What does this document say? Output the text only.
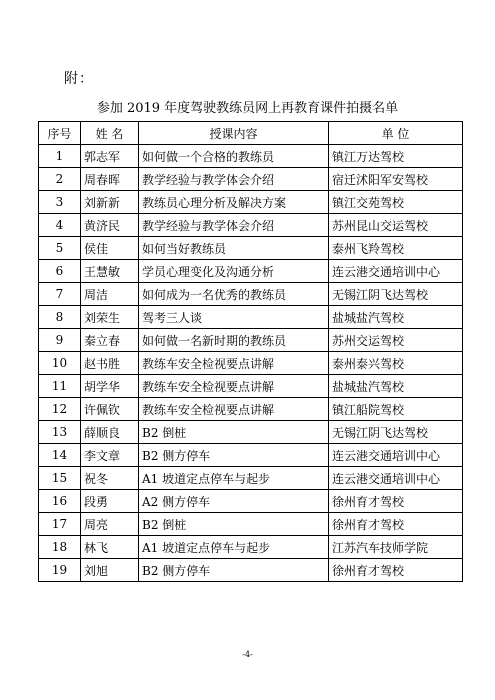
附：
参加 2019 年度驾驶教练员网上再教育课件拍摄名单
序号	姓 名	授课内容	单 位
1	郭志军	如何做一个合格的教练员	镇江万达驾校
2	周春晖	教学经验与教学体会介绍	宿迁沭阳军安驾校
3	刘新新	教练员心理分析及解决方案	镇江交苑驾校
4	黄济民	教学经验与教学体会介绍	苏州昆山交运驾校
5	侯佳	如何当好教练员	泰州飞羚驾校
6	王慧敏	学员心理变化及沟通分析	连云港交通培训中心
7	周洁	如何成为一名优秀的教练员	无锡江阴飞达驾校
8	刘荣生	驾考三人谈	盐城盐汽驾校
9	秦立春	如何做一名新时期的教练员	苏州交运驾校
10	赵书胜	教练车安全检视要点讲解	泰州泰兴驾校
11	胡学华	教练车安全检视要点讲解	盐城盐汽驾校
12	许佩钦	教练车安全检视要点讲解	镇江船院驾校
13	薛顺良	B2 倒桩	无锡江阴飞达驾校
14	李文章	B2 侧方停车	连云港交通培训中心
15	祝冬	A1 坡道定点停车与起步	连云港交通培训中心
16	段勇	A2 侧方停车	徐州育才驾校
17	周亮	B2 倒桩	徐州育才驾校
18	林飞	A1 坡道定点停车与起步	江苏汽车技师学院
19	刘旭	B2 侧方停车	徐州育才驾校
-4-
